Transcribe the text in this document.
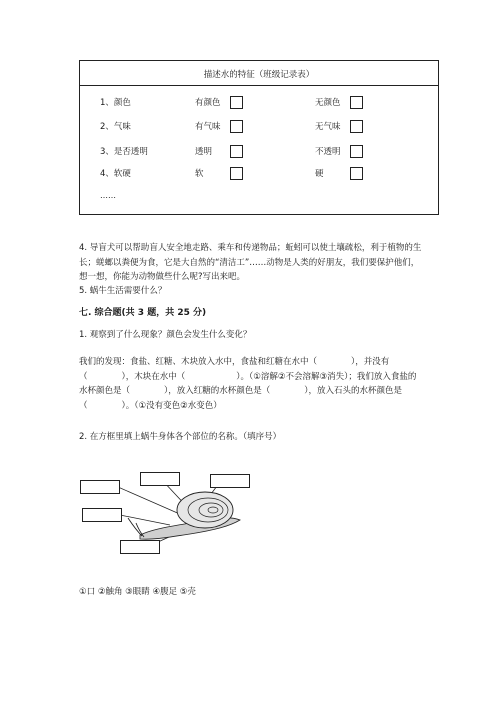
描述水的特征（班级记录表）
1、颜色	有颜色	无颜色
2、气味	有气味	无气味
3、是否透明	透明	不透明
4、软硬	软	硬
……
4. 导盲犬可以帮助盲人安全地走路、乘车和传递物品；蚯蚓可以使土壤疏松，利于植物的生长；蜣螂以粪便为食，它是大自然的“清洁工”……动物是人类的好朋友，我们要保护他们，想一想，你能为动物做些什么呢?写出来吧。
5. 蜗牛生活需要什么？
七. 综合题(共 3 题，共 25 分)
1. 观察到了什么现象？颜色会发生什么变化？
我们的发现：食盐、红糖、木块放入水中，食盐和红糖在水中（　　　　），并没有（　　　　），木块在水中（　　　　　　）。（①溶解②不会溶解③消失）；我们放入食盐的水杯颜色是（　　　　），放入红糖的水杯颜色是（　　　　），放入石头的水杯颜色是（　　　　）。（①没有变色②水变色）
2. 在方框里填上蜗牛身体各个部位的名称。（填序号）
①口 ②触角 ③眼睛 ④腹足 ⑤壳
